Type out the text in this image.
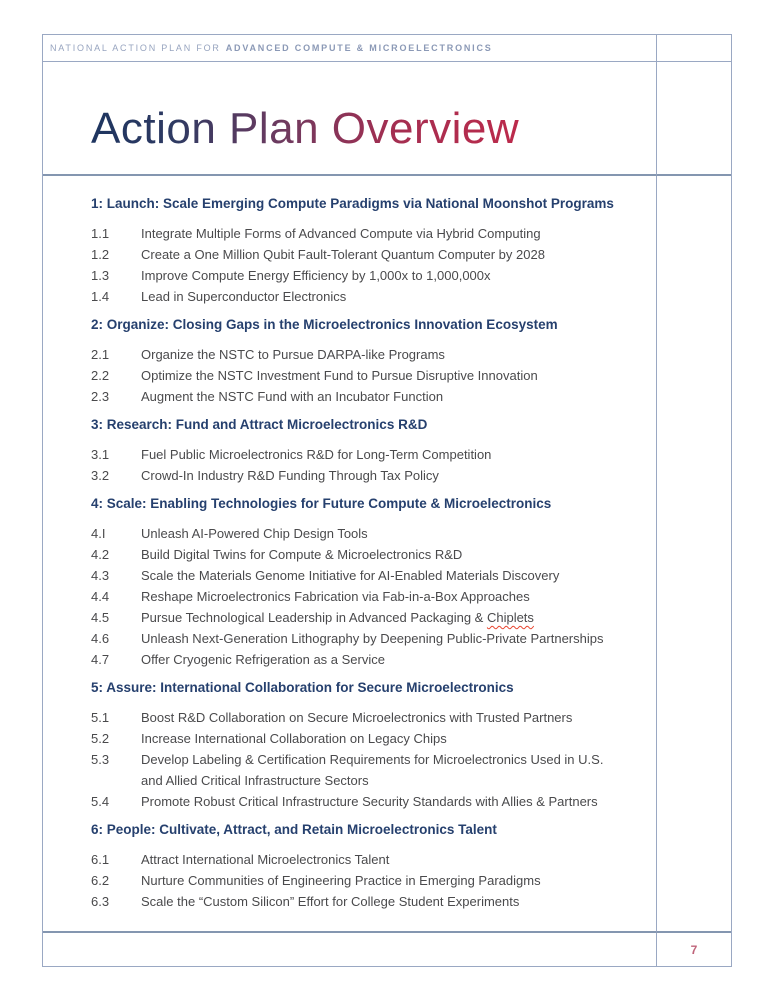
NATIONAL ACTION PLAN FOR ADVANCED COMPUTE & MICROELECTRONICS
Action Plan Overview
1: Launch: Scale Emerging Compute Paradigms via National Moonshot Programs
1.1	Integrate Multiple Forms of Advanced Compute via Hybrid Computing
1.2	Create a One Million Qubit Fault-Tolerant Quantum Computer by 2028
1.3	Improve Compute Energy Efficiency by 1,000x to 1,000,000x
1.4	Lead in Superconductor Electronics
2: Organize: Closing Gaps in the Microelectronics Innovation Ecosystem
2.1	Organize the NSTC to Pursue DARPA-like Programs
2.2	Optimize the NSTC Investment Fund to Pursue Disruptive Innovation
2.3	Augment the NSTC Fund with an Incubator Function
3: Research: Fund and Attract Microelectronics R&D
3.1	Fuel Public Microelectronics R&D for Long-Term Competition
3.2	Crowd-In Industry R&D Funding Through Tax Policy
4: Scale: Enabling Technologies for Future Compute & Microelectronics
4.I	Unleash AI-Powered Chip Design Tools
4.2	Build Digital Twins for Compute & Microelectronics R&D
4.3	Scale the Materials Genome Initiative for AI-Enabled Materials Discovery
4.4	Reshape Microelectronics Fabrication via Fab-in-a-Box Approaches
4.5	Pursue Technological Leadership in Advanced Packaging & Chiplets
4.6	Unleash Next-Generation Lithography by Deepening Public-Private Partnerships
4.7	Offer Cryogenic Refrigeration as a Service
5: Assure: International Collaboration for Secure Microelectronics
5.1	Boost R&D Collaboration on Secure Microelectronics with Trusted Partners
5.2	Increase International Collaboration on Legacy Chips
5.3	Develop Labeling & Certification Requirements for Microelectronics Used in U.S.
and Allied Critical Infrastructure Sectors
5.4	Promote Robust Critical Infrastructure Security Standards with Allies & Partners
6: People: Cultivate, Attract, and Retain Microelectronics Talent
6.1	Attract International Microelectronics Talent
6.2	Nurture Communities of Engineering Practice in Emerging Paradigms
6.3	Scale the “Custom Silicon” Effort for College Student Experiments
7
